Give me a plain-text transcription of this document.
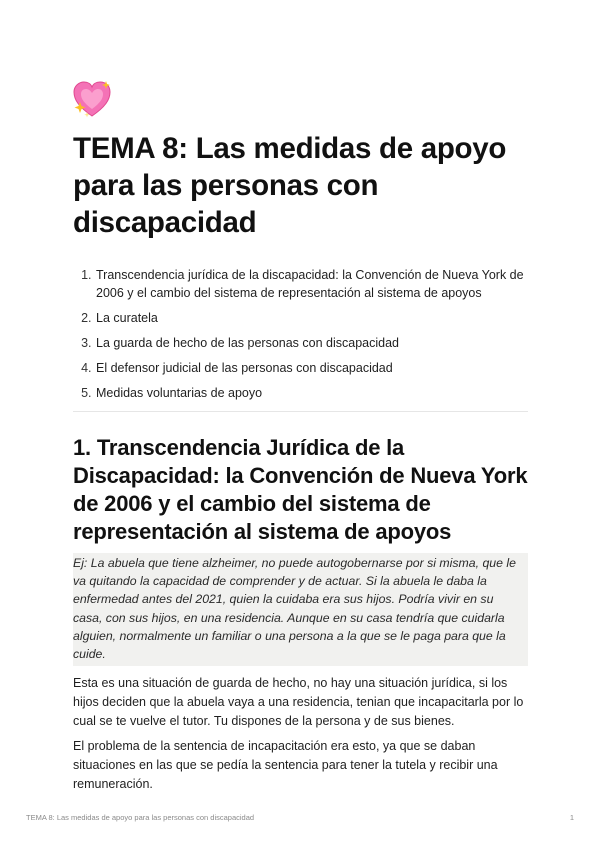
TEMA 8: Las medidas de apoyo para las personas con discapacidad
1. Transcendencia jurídica de la discapacidad: la Convención de Nueva York de 2006 y el cambio del sistema de representación al sistema de apoyos
2. La curatela
3. La guarda de hecho de las personas con discapacidad
4. El defensor judicial de las personas con discapacidad
5. Medidas voluntarias de apoyo
1. Transcendencia Jurídica de la Discapacidad: la Convención de Nueva York de 2006 y el cambio del sistema de representación al sistema de apoyos
Ej: La abuela que tiene alzheimer, no puede autogobernarse por si misma, que le va quitando la capacidad de comprender y de actuar. Si la abuela le daba la enfermedad antes del 2021, quien la cuidaba era sus hijos. Podría vivir en su casa, con sus hijos, en una residencia. Aunque en su casa tendría que cuidarla alguien, normalmente un familiar o una persona a la que se le paga para que la cuide.

Esta es una situación de guarda de hecho, no hay una situación jurídica, si los hijos deciden que la abuela vaya a una residencia, tenian que incapacitarla por lo cual se te vuelve el tutor. Tu dispones de la persona y de sus bienes.

El problema de la sentencia de incapacitación era esto, ya que se daban situaciones en las que se pedía la sentencia para tener la tutela y recibir una remuneración.

TEMA 8: Las medidas de apoyo para las personas con discapacidad	1
